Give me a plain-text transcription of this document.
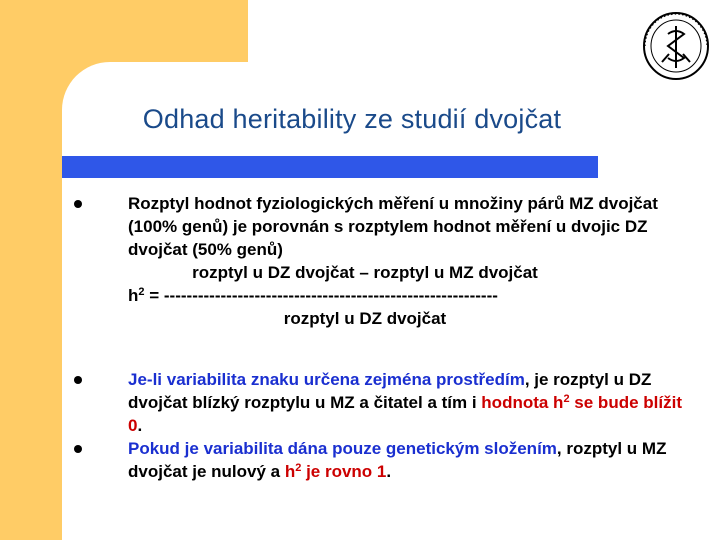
Odhad heritability ze studií dvojčat
Rozptyl hodnot fyziologických měření u množiny párů MZ dvojčat (100% genů) je porovnán s rozptylem hodnot měření u dvojic DZ dvojčat (50% genů)
rozptyl u DZ dvojčat – rozptyl u MZ dvojčat
$h^2$ = -----------------------------------------------------------
rozptyl u DZ dvojčat
Je-li variabilita znaku určena zejména prostředím, je rozptyl u DZ dvojčat blízký rozptylu u MZ a čitatel a tím i hodnota $h^2$ se bude blížit 0.
Pokud je variabilita dána pouze genetickým složením, rozptyl u MZ dvojčat je nulový a $h^2$ je rovno 1.
